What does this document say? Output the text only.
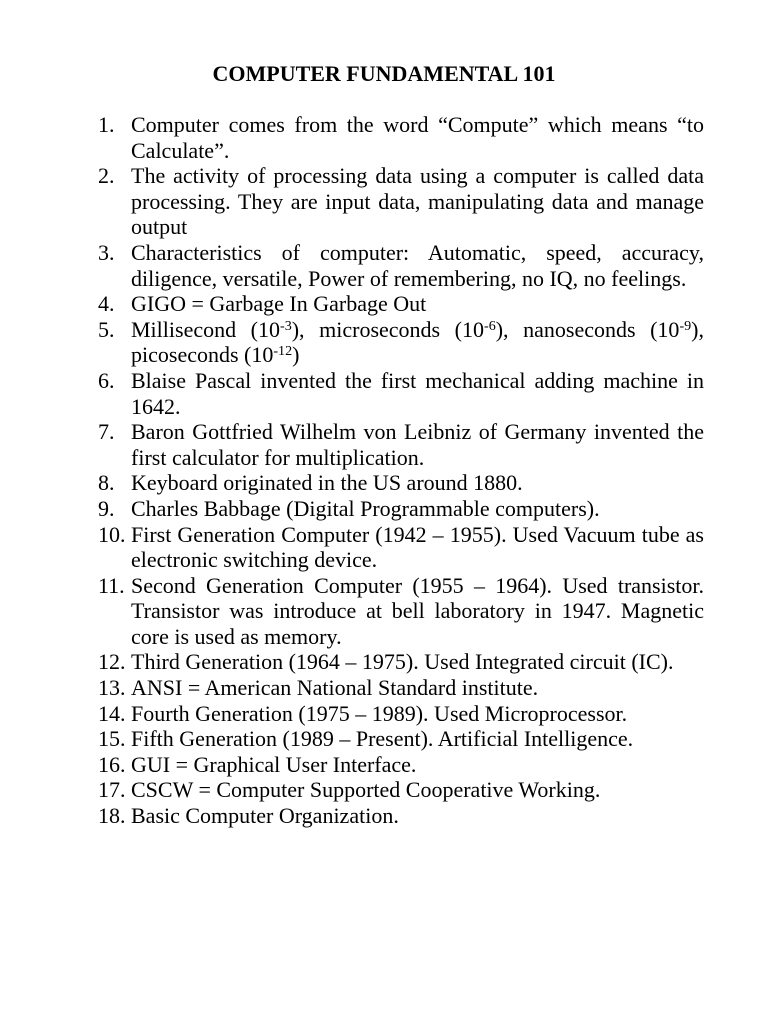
COMPUTER FUNDAMENTAL 101
1. Computer comes from the word “Compute” which means “to Calculate”.
2. The activity of processing data using a computer is called data processing. They are input data, manipulating data and manage output
3. Characteristics of computer: Automatic, speed, accuracy, diligence, versatile, Power of remembering, no IQ, no feelings.
4. GIGO = Garbage In Garbage Out
5. Millisecond $(10^{-3})$, microseconds $(10^{-6})$, nanoseconds $(10^{-9})$, picoseconds $(10^{-12})$
6. Blaise Pascal invented the first mechanical adding machine in 1642.
7. Baron Gottfried Wilhelm von Leibniz of Germany invented the first calculator for multiplication.
8. Keyboard originated in the US around 1880.
9. Charles Babbage (Digital Programmable computers).
10. First Generation Computer (1942 – 1955). Used Vacuum tube as electronic switching device.
11. Second Generation Computer (1955 – 1964). Used transistor. Transistor was introduce at bell laboratory in 1947. Magnetic core is used as memory.
12. Third Generation (1964 – 1975). Used Integrated circuit (IC).
13. ANSI = American National Standard institute.
14. Fourth Generation (1975 – 1989). Used Microprocessor.
15. Fifth Generation (1989 – Present). Artificial Intelligence.
16. GUI = Graphical User Interface.
17. CSCW = Computer Supported Cooperative Working.
18. Basic Computer Organization.
